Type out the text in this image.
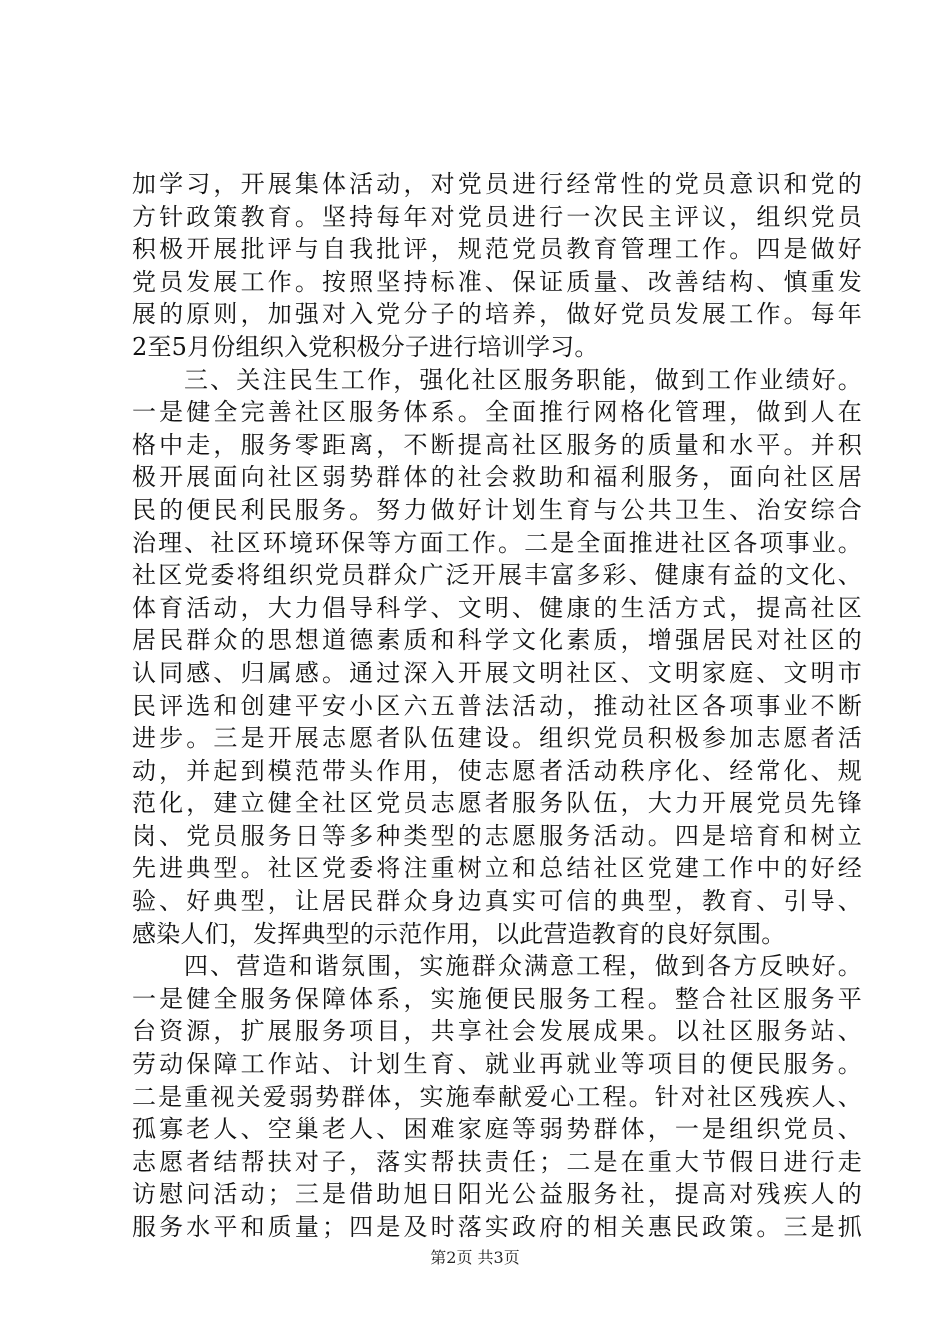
加学习，开展集体活动，对党员进行经常性的党员意识和党的
方针政策教育。坚持每年对党员进行一次民主评议，组织党员
积极开展批评与自我批评，规范党员教育管理工作。四是做好
党员发展工作。按照坚持标准、保证质量、改善结构、慎重发
展的原则，加强对入党分子的培养，做好党员发展工作。每年
2至5月份组织入党积极分子进行培训学习。
三、关注民生工作，强化社区服务职能，做到工作业绩好。
一是健全完善社区服务体系。全面推行网格化管理，做到人在
格中走，服务零距离，不断提高社区服务的质量和水平。并积
极开展面向社区弱势群体的社会救助和福利服务，面向社区居
民的便民利民服务。努力做好计划生育与公共卫生、治安综合
治理、社区环境环保等方面工作。二是全面推进社区各项事业。
社区党委将组织党员群众广泛开展丰富多彩、健康有益的文化、
体育活动，大力倡导科学、文明、健康的生活方式，提高社区
居民群众的思想道德素质和科学文化素质，增强居民对社区的
认同感、归属感。通过深入开展文明社区、文明家庭、文明市
民评选和创建平安小区六五普法活动，推动社区各项事业不断
进步。三是开展志愿者队伍建设。组织党员积极参加志愿者活
动，并起到模范带头作用，使志愿者活动秩序化、经常化、规
范化，建立健全社区党员志愿者服务队伍，大力开展党员先锋
岗、党员服务日等多种类型的志愿服务活动。四是培育和树立
先进典型。社区党委将注重树立和总结社区党建工作中的好经
验、好典型，让居民群众身边真实可信的典型，教育、引导、
感染人们，发挥典型的示范作用，以此营造教育的良好氛围。
四、营造和谐氛围，实施群众满意工程，做到各方反映好。
一是健全服务保障体系，实施便民服务工程。整合社区服务平
台资源，扩展服务项目，共享社会发展成果。以社区服务站、
劳动保障工作站、计划生育、就业再就业等项目的便民服务。
二是重视关爱弱势群体，实施奉献爱心工程。针对社区残疾人、
孤寡老人、空巢老人、困难家庭等弱势群体，一是组织党员、
志愿者结帮扶对子，落实帮扶责任；二是在重大节假日进行走
访慰问活动；三是借助旭日阳光公益服务社，提高对残疾人的
服务水平和质量；四是及时落实政府的相关惠民政策。三是抓
第2页 共3页
